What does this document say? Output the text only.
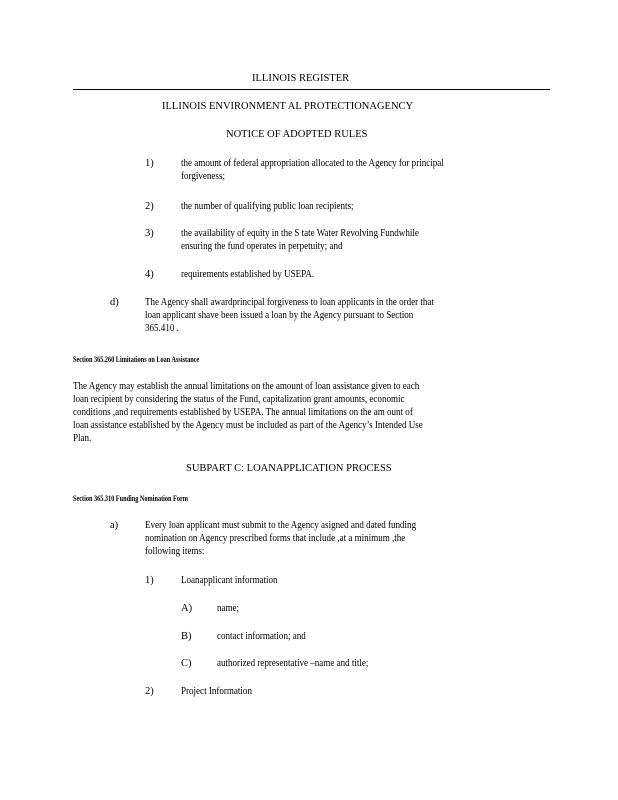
ILLINOIS REGISTER
ILLINOIS ENVIRONMENT AL PROTECTIONAGENCY
NOTICE OF ADOPTED RULES
1)	the amount of federal appropriation allocated to the Agency for principal
forgiveness;
2)	the number of qualifying public loan recipients;
3)	the availability of equity in the S tate Water Revolving Fundwhile
ensuring the fund operates in perpetuity; and
4)	requirements established by USEPA.
d)	The Agency shall awardprincipal forgiveness to loan applicants in the order that
loan applicant shave been issued a loan by the Agency pursuant to Section
365.410 .
Section 365.260 Limitations on Loan Assistance
The Agency may establish the annual limitations on the amount of loan assistance given to each
loan recipient by considering the status of the Fund, capitalization grant amounts, economic
conditions ,and requirements established by USEPA. The annual limitations on the am ount of
loan assistance established by the Agency must be included as part of the Agency’s Intended Use
Plan.
SUBPART C: LOANAPPLICATION PROCESS
Section 365.310 Funding Nomination Form
a)	Every loan applicant must submit to the Agency asigned and dated funding
nomination on Agency prescribed forms that include ,at a minimum ,the
following items:
1)	Loanapplicant information
A) name;
B) contact information; and
C) authorized representative –name and title;
2)	Project Information
